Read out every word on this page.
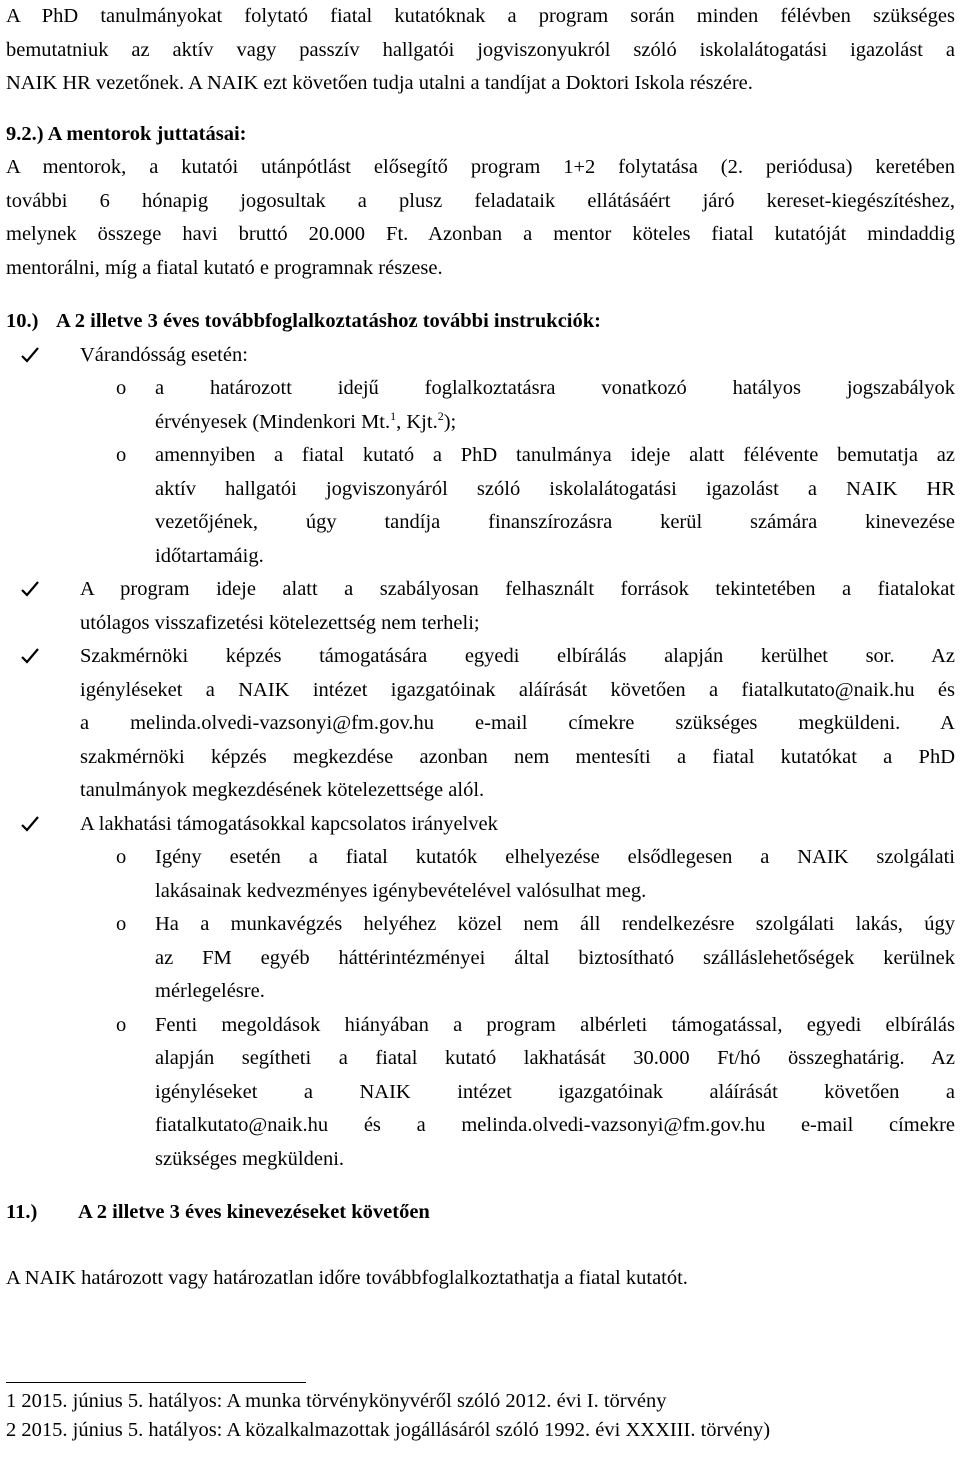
A PhD tanulmányokat folytató fiatal kutatóknak a program során minden félévben szükséges

bemutatniuk az aktív vagy passzív hallgatói jogviszonyukról szóló iskolalátogatási igazolást a

NAIK HR vezetőnek. A NAIK ezt követően tudja utalni a tandíjat a Doktori Iskola részére.

9.2.) A mentorok juttatásai:

A mentorok, a kutatói utánpótlást elősegítő program 1+2 folytatása (2. periódusa) keretében

további 6 hónapig jogosultak a plusz feladataik ellátásáért járó kereset-kiegészítéshez,

melynek összege havi bruttó 20.000 Ft. Azonban a mentor köteles fiatal kutatóját mindaddig

mentorálni, míg a fiatal kutató e programnak részese.

10.) A 2 illetve 3 éves továbbfoglalkoztatáshoz további instrukciók:

Várandósság esetén:

o a határozott idejű foglalkoztatásra vonatkozó hatályos jogszabályok

érvényesek (Mindenkori Mt.$^1$, Kjt.$^2$);

o amennyiben a fiatal kutató a PhD tanulmánya ideje alatt félévente bemutatja az

aktív hallgatói jogviszonyáról szóló iskolalátogatási igazolást a NAIK HR

vezetőjének, úgy tandíja finanszírozásra kerül számára kinevezése

időtartamáig.

A program ideje alatt a szabályosan felhasznált források tekintetében a fiatalokat

utólagos visszafizetési kötelezettség nem terheli;

Szakmérnöki képzés támogatására egyedi elbírálás alapján kerülhet sor. Az

igényléseket a NAIK intézet igazgatóinak aláírását követően a fiatalkutato@naik.hu és

a melinda.olvedi-vazsonyi@fm.gov.hu e-mail címekre szükséges megküldeni. A

szakmérnöki képzés megkezdése azonban nem mentesíti a fiatal kutatókat a PhD

tanulmányok megkezdésének kötelezettsége alól.

A lakhatási támogatásokkal kapcsolatos irányelvek

o Igény esetén a fiatal kutatók elhelyezése elsődlegesen a NAIK szolgálati

lakásainak kedvezményes igénybevételével valósulhat meg.

o Ha a munkavégzés helyéhez közel nem áll rendelkezésre szolgálati lakás, úgy

az FM egyéb háttérintézményei által biztosítható szálláslehetőségek kerülnek

mérlegelésre.

o Fenti megoldások hiányában a program albérleti támogatással, egyedi elbírálás

alapján segítheti a fiatal kutató lakhatását 30.000 Ft/hó összeghatárig. Az

igényléseket a NAIK intézet igazgatóinak aláírását követően a

fiatalkutato@naik.hu és a melinda.olvedi-vazsonyi@fm.gov.hu e-mail címekre

szükséges megküldeni.

11.)	A 2 illetve 3 éves kinevezéseket követően

A NAIK határozott vagy határozatlan időre továbbfoglalkoztathatja a fiatal kutatót.

1 2015. június 5. hatályos: A munka törvénykönyvéről szóló 2012. évi I. törvény

2 2015. június 5. hatályos: A közalkalmazottak jogállásáról szóló 1992. évi XXXIII. törvény)
